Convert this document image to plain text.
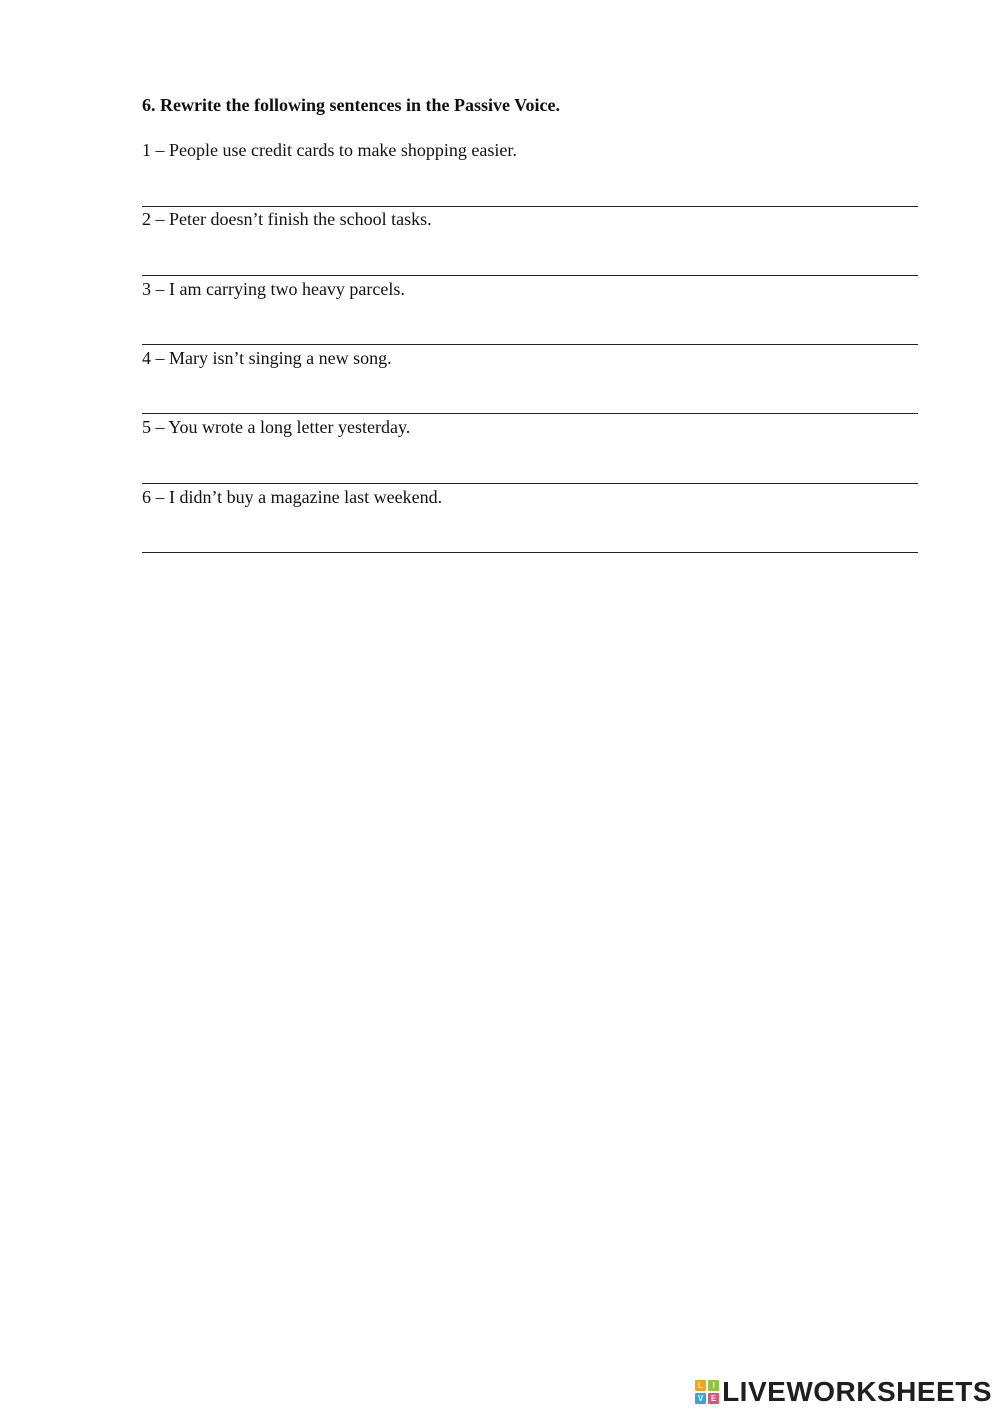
6. Rewrite the following sentences in the Passive Voice.
1 – People use credit cards to make shopping easier.
2 – Peter doesn’t finish the school tasks.
3 – I am carrying two heavy parcels.
4 – Mary isn’t singing a new song.
5 – You wrote a long letter yesterday.
6 – I didn’t buy a magazine last weekend.
L	I
V E LIVEWORKSHEETS
